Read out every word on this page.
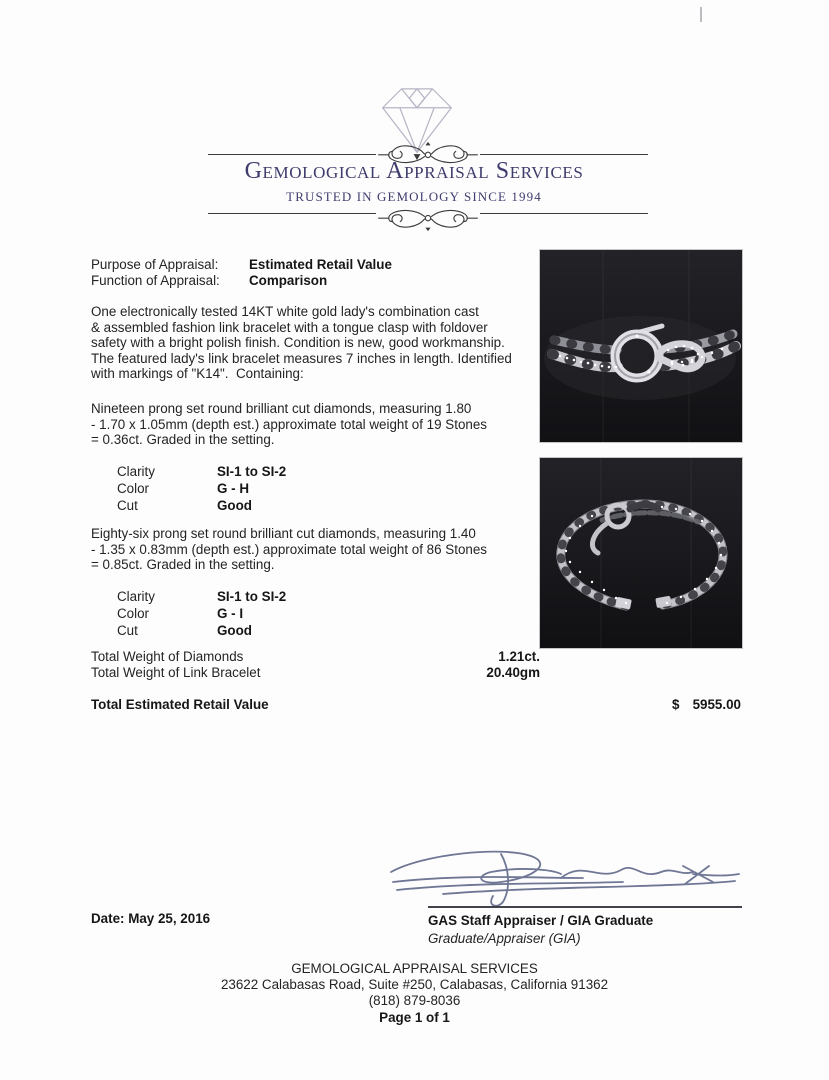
Gemological Appraisal Services
TRUSTED IN GEMOLOGY SINCE 1994
Purpose of Appraisal: Estimated Retail Value
Function of Appraisal: Comparison
One electronically tested 14KT white gold lady's combination cast
& assembled fashion link bracelet with a tongue clasp with foldover
safety with a bright polish finish. Condition is new, good workmanship.
The featured lady's link bracelet measures 7 inches in length. Identified
with markings of "K14".  Containing:
Nineteen prong set round brilliant cut diamonds, measuring 1.80
- 1.70 x 1.05mm (depth est.) approximate total weight of 19 Stones
= 0.36ct. Graded in the setting.
Clarity	SI-1 to SI-2
Color	G - H
Cut	Good
Eighty-six prong set round brilliant cut diamonds, measuring 1.40
- 1.35 x 0.83mm (depth est.) approximate total weight of 86 Stones
= 0.85ct. Graded in the setting.
Clarity	SI-1 to SI-2
Color	G - I
Cut	Good
Total Weight of Diamonds	1.21ct.
Total Weight of Link Bracelet	20.40gm
Total Estimated Retail Value	$ 5955.00
Date: May 25, 2016	GAS Staff Appraiser / GIA Graduate
Graduate/Appraiser (GIA)
GEMOLOGICAL APPRAISAL SERVICES
23622 Calabasas Road, Suite #250, Calabasas, California 91362
(818) 879-8036
Page 1 of 1
